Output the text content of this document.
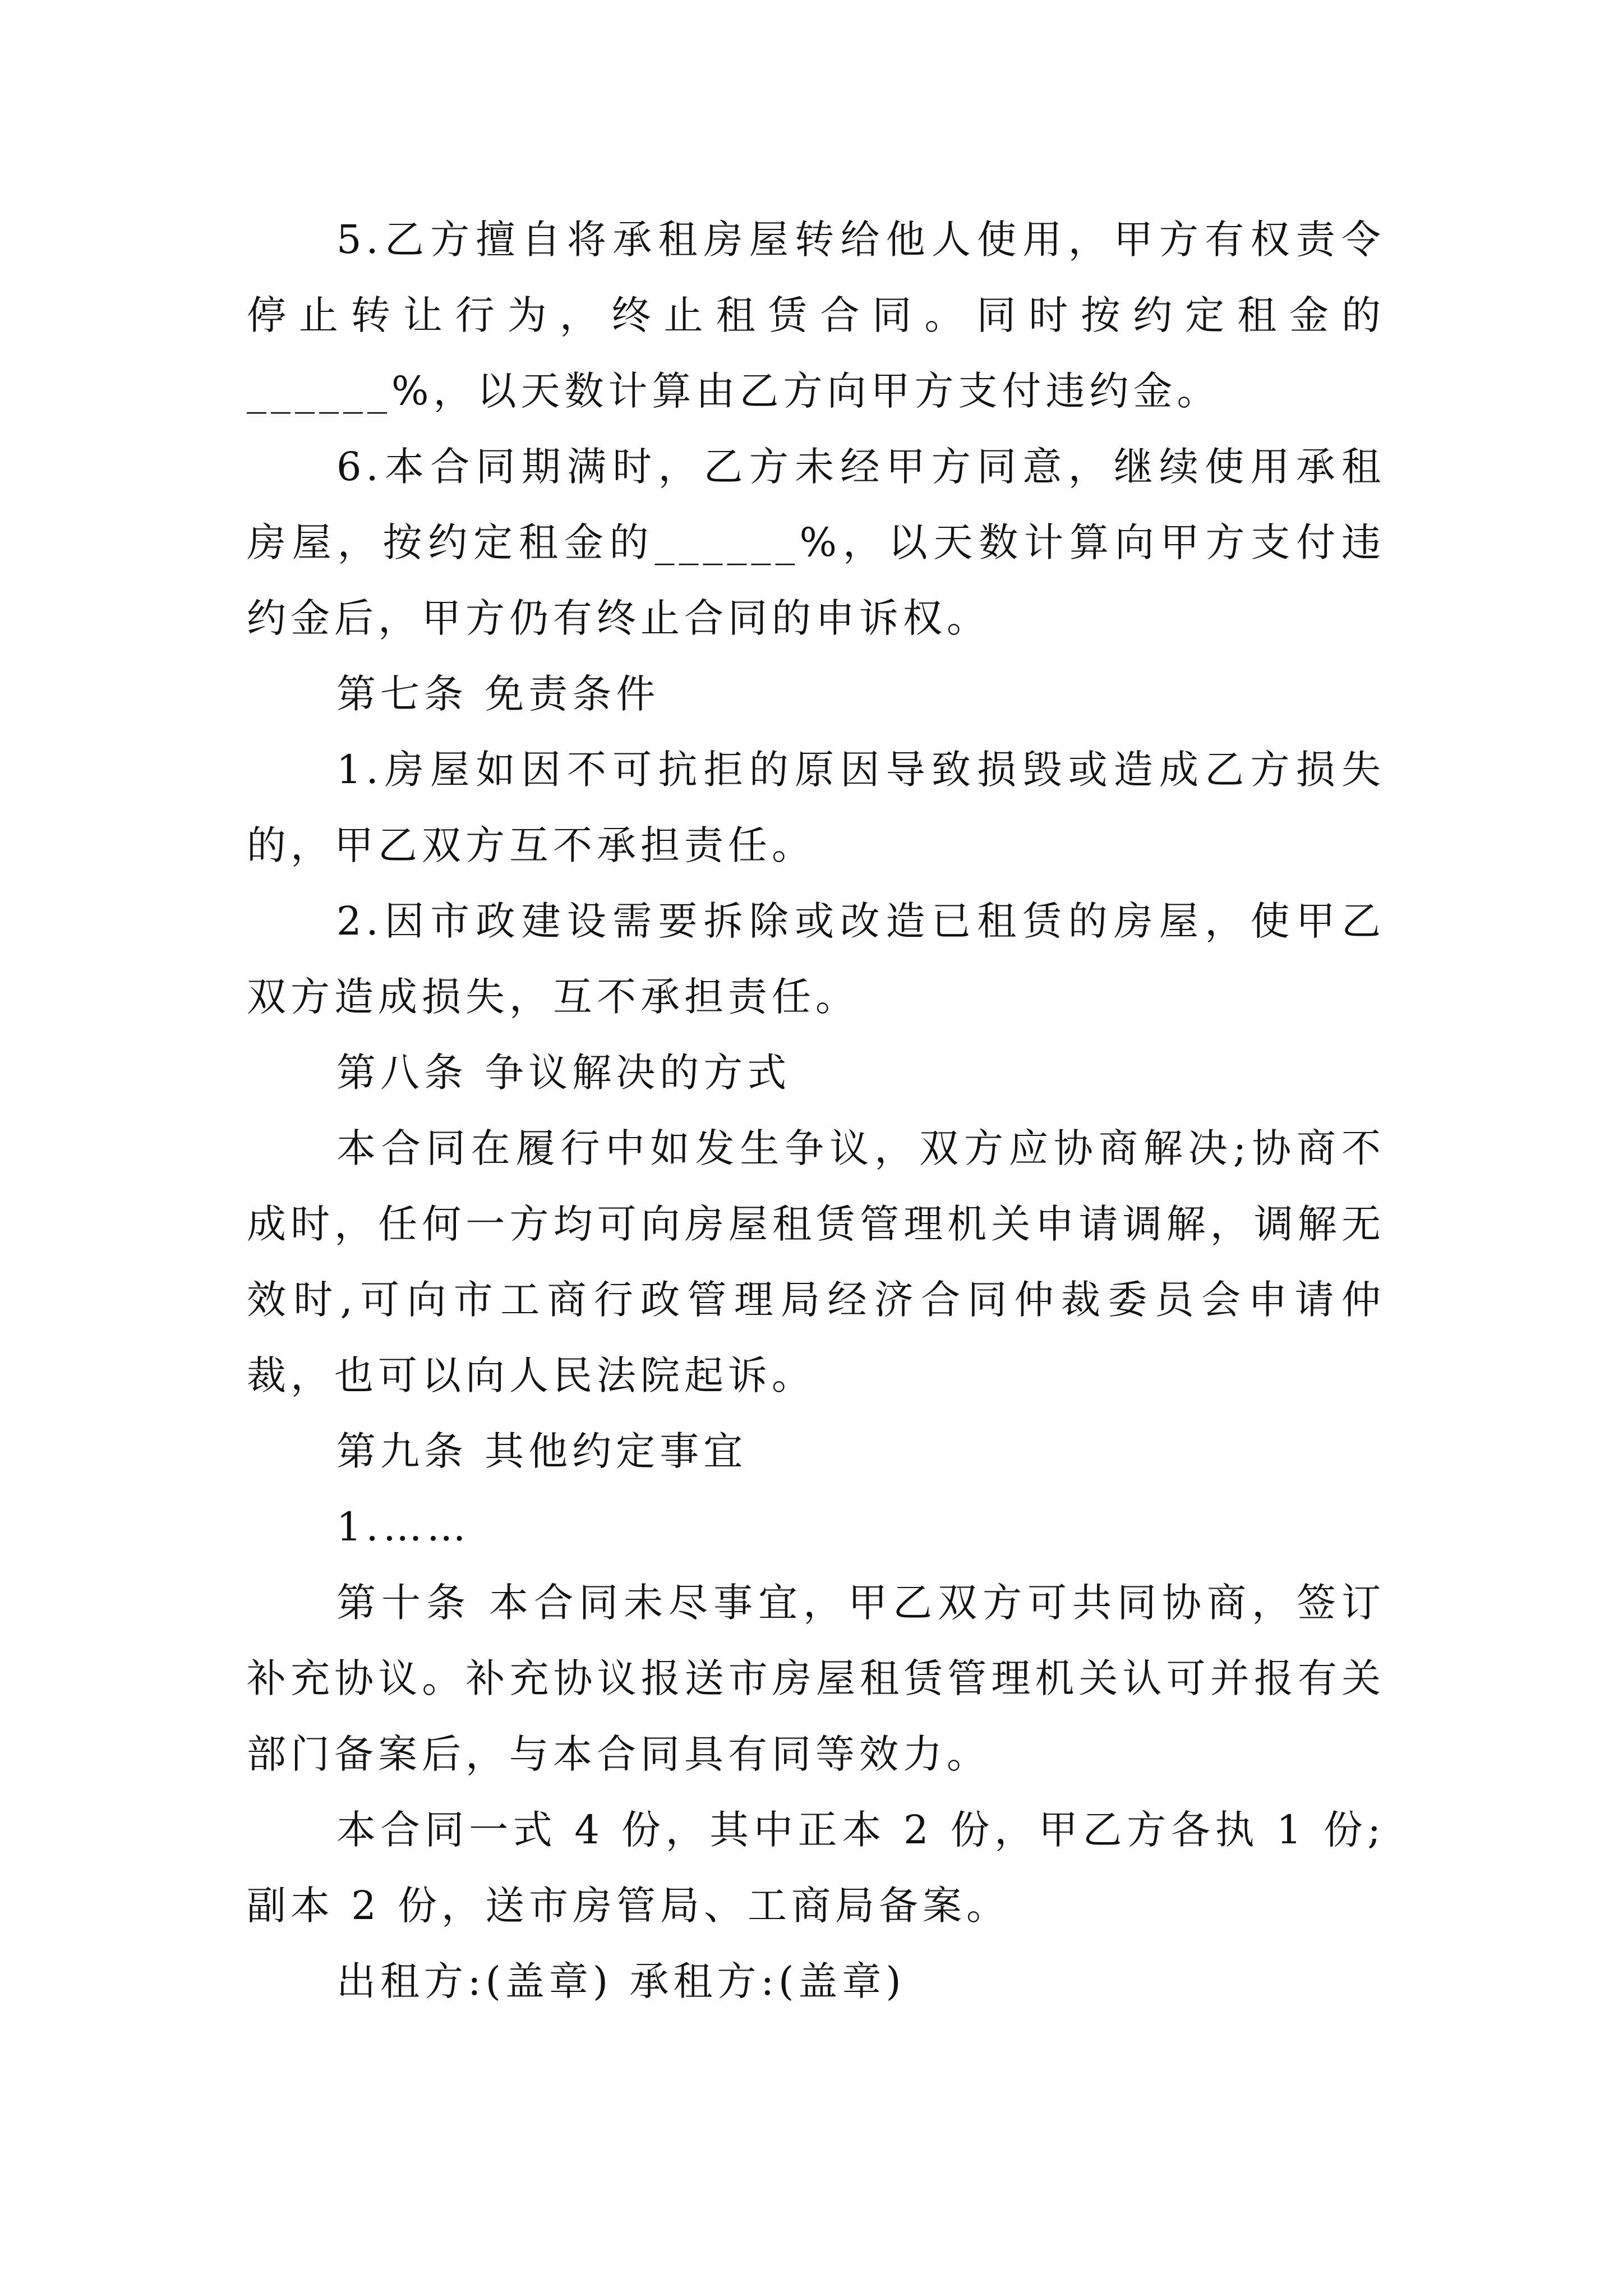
5.乙方擅自将承租房屋转给他人使用，甲方有权责令停止转让行为，终止租赁合同。同时按约定租金的______%，以天数计算由乙方向甲方支付违约金。

6.本合同期满时，乙方未经甲方同意，继续使用承租房屋，按约定租金的______%，以天数计算向甲方支付违约金后，甲方仍有终止合同的申诉权。

第七条 免责条件

1.房屋如因不可抗拒的原因导致损毁或造成乙方损失的，甲乙双方互不承担责任。

2.因市政建设需要拆除或改造已租赁的房屋，使甲乙双方造成损失，互不承担责任。

第八条 争议解决的方式

本合同在履行中如发生争议，双方应协商解决;协商不成时，任何一方均可向房屋租赁管理机关申请调解，调解无效时,可向市工商行政管理局经济合同仲裁委员会申请仲裁，也可以向人民法院起诉。

第九条 其他约定事宜

1.……

第十条 本合同未尽事宜，甲乙双方可共同协商，签订补充协议。补充协议报送市房屋租赁管理机关认可并报有关部门备案后，与本合同具有同等效力。

本合同一式 4 份，其中正本 2 份，甲乙方各执 1 份;副本 2 份，送市房管局、工商局备案。

出租方:(盖章) 承租方:(盖章)
